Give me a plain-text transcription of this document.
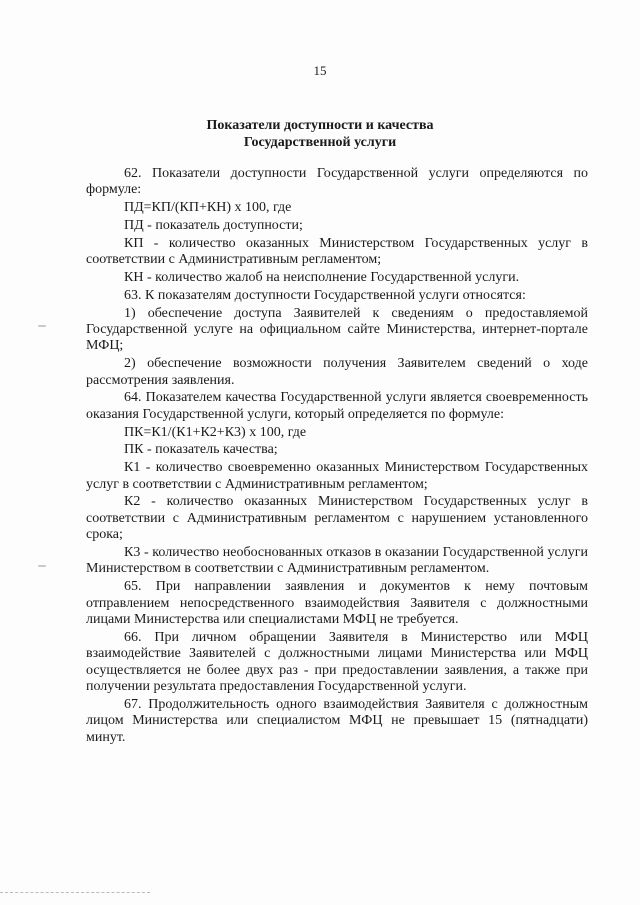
15
Показатели доступности и качества
Государственной услуги

62. Показатели доступности Государственной услуги определяются по формуле:

ПД=КП/(КП+КН) x 100, где

ПД - показатель доступности;

КП - количество оказанных Министерством Государственных услуг в соответствии с Административным регламентом;

КН - количество жалоб на неисполнение Государственной услуги.

63. К показателям доступности Государственной услуги относятся:

1) обеспечение доступа Заявителей к сведениям о предоставляемой Государственной услуге на официальном сайте Министерства, интернет-портале МФЦ;

2) обеспечение возможности получения Заявителем сведений о ходе рассмотрения заявления.

64. Показателем качества Государственной услуги является своевременность оказания Государственной услуги, который определяется по формуле:

ПК=К1/(К1+К2+К3) x 100, где

ПК - показатель качества;

К1 - количество своевременно оказанных Министерством Государственных услуг в соответствии с Административным регламентом;

К2 - количество оказанных Министерством Государственных услуг в соответствии с Административным регламентом с нарушением установленного срока;

К3 - количество необоснованных отказов в оказании Государственной услуги Министерством в соответствии с Административным регламентом.

65. При направлении заявления и документов к нему почтовым отправлением непосредственного взаимодействия Заявителя с должностными лицами Министерства или специалистами МФЦ не требуется.

66. При личном обращении Заявителя в Министерство или МФЦ взаимодействие Заявителей с должностными лицами Министерства или МФЦ осуществляется не более двух раз - при предоставлении заявления, а также при получении результата предоставления Государственной услуги.

67. Продолжительность одного взаимодействия Заявителя с должностным лицом Министерства или специалистом МФЦ не превышает 15 (пятнадцати) минут.
